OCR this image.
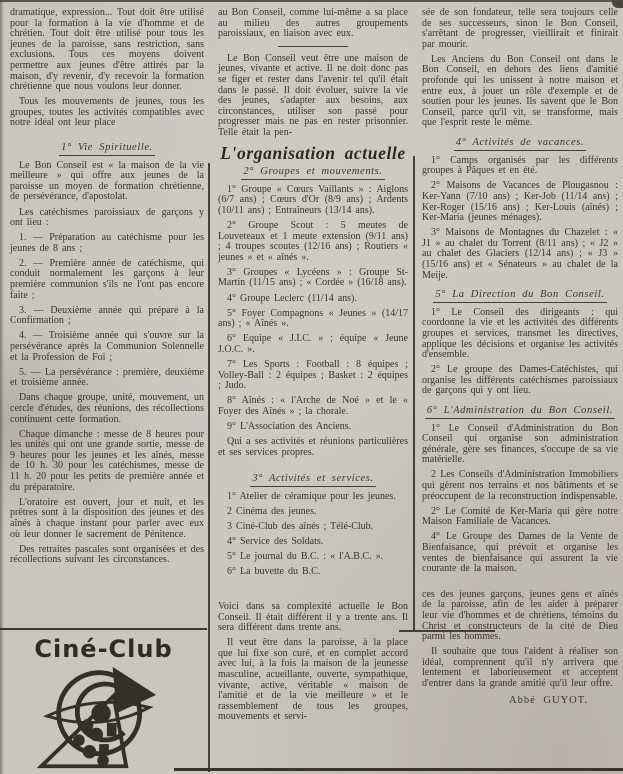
dramatique, expression... Tout doit être utilisé pour la formation à la vie d'homme et de chrétien. Tout doit être utilisé pour tous les jeunes de la paroisse, sans restriction, sans exclusions. Tous ces moyens doivent permettre aux jeunes d'être attirés par la maison, d'y revenir, d'y recevoir la formation chrétienne que nous voulons leur donner.

Tous les mouvements de jeunes, tous les groupes, toutes les activités compatibles avec notre idéal ont leur place

1° Vie Spirituelle.

Le Bon Conseil est « la maison de la vie meilleure » qui offre aux jeunes de la paroisse un moyen de formation chrétienne, de persévérance, d'apostolat.

Les catéchismes paroissiaux de garçons y ont lieu :

1. — Préparation au catéchisme pour les jeunes de 8 ans ;

2. — Première année de catéchisme, qui conduit normalement les garçons à leur première communion s'ils ne l'ont pas encore faite ;

3. — Deuxième année qui prépare à la Confirmation ;

4. — Troisième année qui s'ouvre sur la persévérance après la Communion Solennelle et la Profession de Foi ;

5. — La persévérance : première, deuxième et troisième année.

Dans chaque groupe, unité, mouvement, un cercle d'études, des réunions, des récollections continuent cette formation.

Chaque dimanche : messe de 8 heures pour les unités qui ont une grande sortie, messe de 9 heures pour les jeunes et les aînés, messe de 10 h. 30 pour les catéchismes, messe de 11 h. 20 pour les petits de première année et du préparatoire.

L'oratoire est ouvert, jour et nuit, et les prêtres sont à la disposition des jeunes et des aînés à chaque instant pour parler avec eux où leur donner le sacrement de Pénitence.

Des retraites pascales sont organisées et des récollections suivant les circonstances.

Ciné-Club

au Bon Conseil, comme lui-même a sa place au milieu des autres groupements paroissiaux, en liaison avec eux.

Le Bon Conseil veut être une maison de jeunes, vivante et active. Il ne doit donc pas se figer et rester dans l'avenir tel qu'il était dans le passé. Il doit évoluer, suivre la vie des jeunes, s'adapter aux besoins, aux circonstances, utiliser son passé pour progresser mais ne pas en rester prisonnier. Telle était la pen-

L'organisation actuelle
2° Groupes et mouvements.

1° Groupe « Cœurs Vaillants » : Aiglons (6/7 ans) ; Cœurs d'Or (8/9 ans) ; Ardents (10/11 ans) ; Entraîneurs (13/14 ans).

2° Groupe Scout : 5 meutes de Louveteaux et 1 meute extension (9/11 ans) ; 4 troupes scoutes (12/16 ans) ; Routiers « jeunes » et « aînés ».

3° Groupes « Lycéens » : Groupe St-Martin (11/15 ans) ; « Cordée » (16/18 ans).

4° Groupe Leclerc (11/14 ans).

5° Foyer Compagnons « Jeunes » (14/17 ans) ; « Aînés ».

6° Equipe « J.I.C. » ; équipe « Jeune J.O.C. ».

7° Les Sports : Football : 8 équipes ; Volley-Ball : 2 équipes ; Basket : 2 équipes ; Judo.

8° Aînés : « l'Arche de Noé » et le « Foyer des Aînés » ; la chorale.

9° L'Association des Anciens.

Qui a ses activités et réunions particulières et ses services propres.

3° Activités et services.

1° Atelier de céramique pour les jeunes.

2 Cinéma des jeunes.

3 Ciné-Club des aînés ; Télé-Club.

4° Service des Soldats.

5° Le journal du B.C. : « l'A.B.C. ».

6° La buvette du B.C.

Voici dans sa complexité actuelle le Bon Conseil. Il était différent il y a trente ans. Il sera différent dans trente ans.

Il veut être dans la paroisse, à la place que lui fixe son curé, et en complet accord avec lui, à la fois la maison de la jeunesse masculine, acueillante, ouverte, sympathique, vivante, active, véritable « maison de l'amitié et de la vie meilleure » et le rassemblement de tous les groupes, mouvements et servi-

sée de son fondateur, telle sera toujours celle de ses successeurs, sinon le Bon Conseil, s'arrêtant de progresser, vieillirait et finirait par mourir.

Les Anciens du Bon Conseil ont dans le Bon Conseil, en dehors des liens d'amitié profonde qui les unissent à notre maison et entre eux, à jouer un rôle d'exemple et de soutien pour les jeunes. Ils savent que le Bon Conseil, parce qu'il vit, se transforme, mais que l'esprit reste le même.

4° Activités de vacances.

1° Camps organisés par les différents groupes à Pâques et en été.

2° Maisons de Vacances de Plougasnou : Ker-Yann (7/10 ans) ; Ker-Job (11/14 ans) ; Ker-Roger (15/16 ans) ; Ker-Louis (aînés) ; Ker-Maria (jeunes ménages).

3° Maisons de Montagnes du Chazelet : « J1 » au chalet du Torrent (8/11 ans) ; « J2 » au chalet des Glaciers (12/14 ans) ; « J3 » (15/16 ans) et « Sénateurs » au chalet de la Meije.

5° La Direction du Bon Conseil.

1° Le Conseil des dirigeants : qui coordonne la vie et les activités des différents groupes et services, transmet les directives, applique les décisions et organise les activités d'ensemble.

2° Le groupe des Dames-Catéchistes, qui organise les différents catéchismes paroissiaux de garçons qui y ont lieu.

6° L'Administration du Bon Conseil.

1° Le Conseil d'Administration du Bon Conseil qui organise son administration générale, gère ses finances, s'occupe de sa vie matérielle.

2 Les Conseils d'Administration Immobiliers qui gèrent nos terrains et nos bâtiments et se préoccupent de la reconstruction indispensable.

2° Le Comité de Ker-Maria qui gère notre Maison Familiale de Vacances.

4° Le Groupe des Dames de la Vente de Bienfaisance, qui prévoit et organise les ventes de bienfaisance qui assurent la vie courante de la maison.

ces des jeunes garçons, jeunes gens et aînés de la paroisse, afin de les aider à préparer leur vie d'hommes et de chrétiens, témoins du Christ et constructeurs de la cité de Dieu parmi les hommes.

Il souhaite que tous l'aident à réaliser son idéal, comprennent qu'il n'y arrivera que lentement et laborieusement et acceptent d'entrer dans la grande amitié qu'il leur offre.

Abbé GUYOT.
